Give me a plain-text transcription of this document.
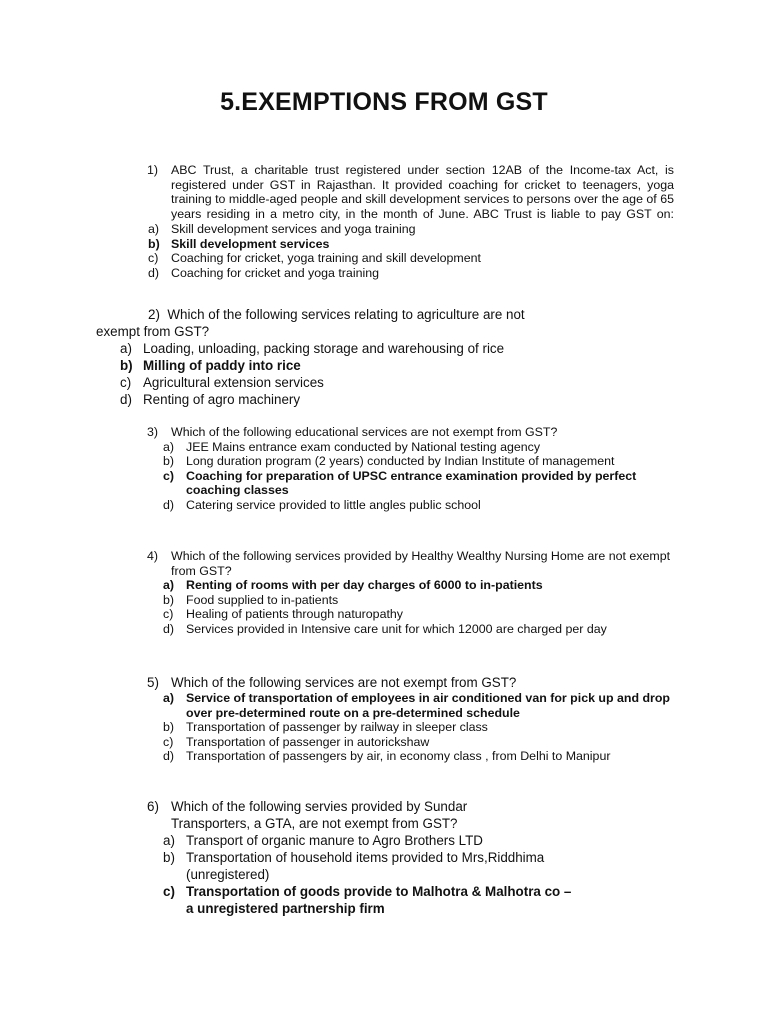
5.EXEMPTIONS FROM GST
1) ABC Trust, a charitable trust registered under section 12AB of the Income-tax Act, is registered under GST in Rajasthan. It provided coaching for cricket to teenagers, yoga training to middle-aged people and skill development services to persons over the age of 65 years residing in a metro city, in the month of June. ABC Trust is liable to pay GST on:
a) Skill development services and yoga training
b) Skill development services
c) Coaching for cricket, yoga training and skill development
d) Coaching for cricket and yoga training
2) Which of the following services relating to agriculture are not
exempt from GST?
a) Loading, unloading, packing storage and warehousing of rice
b) Milling of paddy into rice
c) Agricultural extension services
d) Renting of agro machinery
3) Which of the following educational services are not exempt from GST?
a) JEE Mains entrance exam conducted by National testing agency
b) Long duration program (2 years) conducted by Indian Institute of management
c) Coaching for preparation of UPSC entrance examination provided by perfect coaching classes
d) Catering service provided to little angles public school
4) Which of the following services provided by Healthy Wealthy Nursing Home are not exempt from GST?
a) Renting of rooms with per day charges of 6000 to in-patients
b) Food supplied to in-patients
c) Healing of patients through naturopathy
d) Services provided in Intensive care unit for which 12000 are charged per day
5) Which of the following services are not exempt from GST?
a) Service of transportation of employees in air conditioned van for pick up and drop over pre-determined route on a pre-determined schedule
b) Transportation of passenger by railway in sleeper class
c) Transportation of passenger in autorickshaw
d) Transportation of passengers by air, in economy class , from Delhi to Manipur
6) Which of the following servies provided by Sundar Transporters, a GTA, are not exempt from GST?
a) Transport of organic manure to Agro Brothers LTD
b) Transportation of household items provided to Mrs,Riddhima (unregistered)
c) Transportation of goods provide to Malhotra & Malhotra co – a unregistered partnership firm
